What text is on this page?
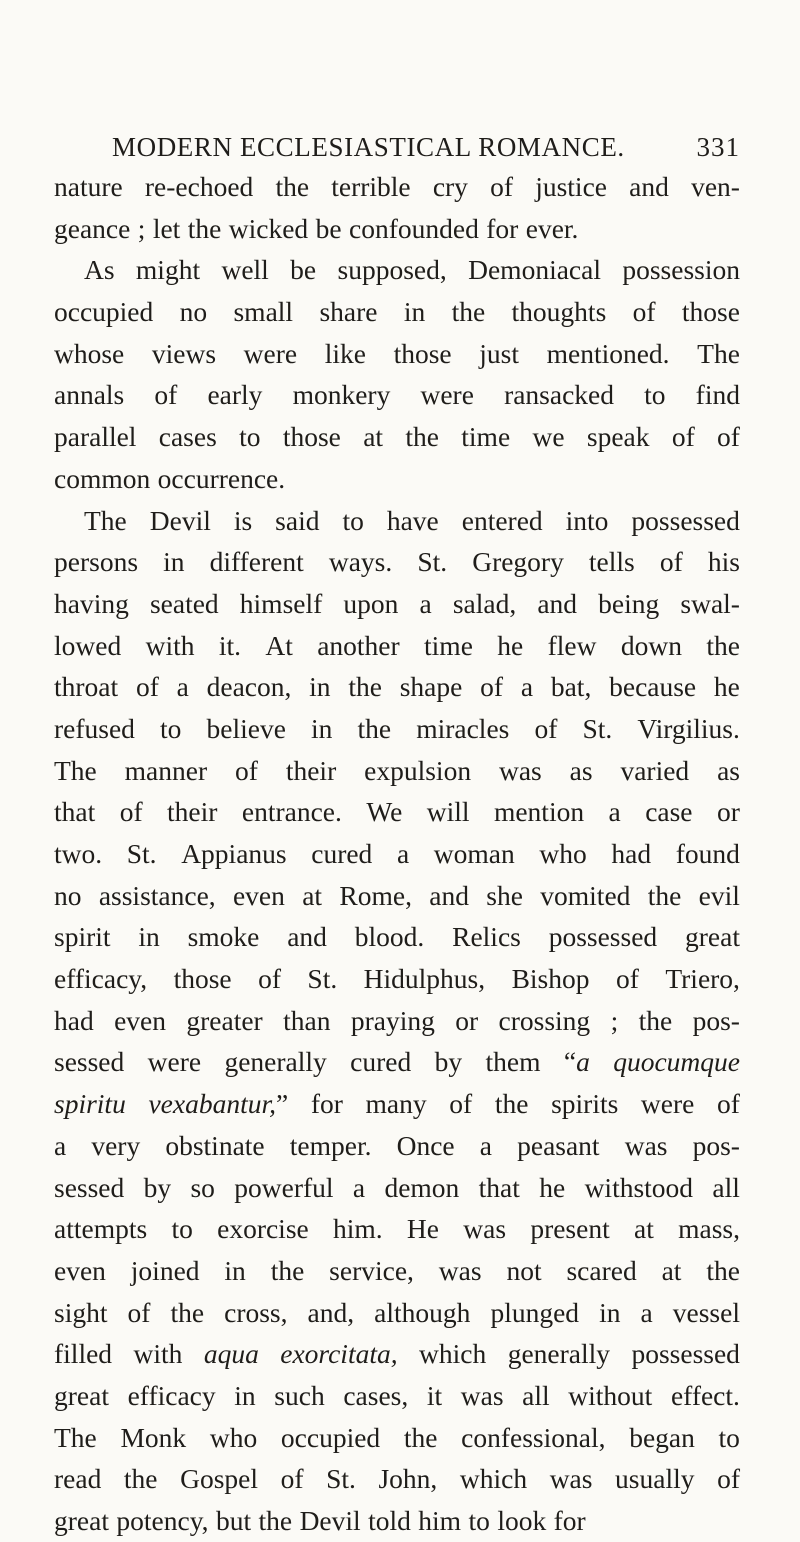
MODERN ECCLESIASTICAL ROMANCE.	331
nature re-echoed the terrible cry of justice and ven-
geance ; let the wicked be confounded for ever.
As might well be supposed, Demoniacal possession
occupied no small share in the thoughts of those
whose views were like those just mentioned. The
annals of early monkery were ransacked to find
parallel cases to those at the time we speak of of
common occurrence.
The Devil is said to have entered into possessed
persons in different ways. St. Gregory tells of his
having seated himself upon a salad, and being swal-
lowed with it. At another time he flew down the
throat of a deacon, in the shape of a bat, because he
refused to believe in the miracles of St. Virgilius.
The manner of their expulsion was as varied as
that of their entrance. We will mention a case or
two. St. Appianus cured a woman who had found
no assistance, even at Rome, and she vomited the evil
spirit in smoke and blood. Relics possessed great
efficacy, those of St. Hidulphus, Bishop of Triero,
had even greater than praying or crossing ; the pos-
sessed were generally cured by them “a quocumque
spiritu vexabantur,” for many of the spirits were of
a very obstinate temper. Once a peasant was pos-
sessed by so powerful a demon that he withstood all
attempts to exorcise him. He was present at mass,
even joined in the service, was not scared at the
sight of the cross, and, although plunged in a vessel
filled with aqua exorcitata, which generally possessed
great efficacy in such cases, it was all without effect.
The Monk who occupied the confessional, began to
read the Gospel of St. John, which was usually of
great potency, but the Devil told him to look for
